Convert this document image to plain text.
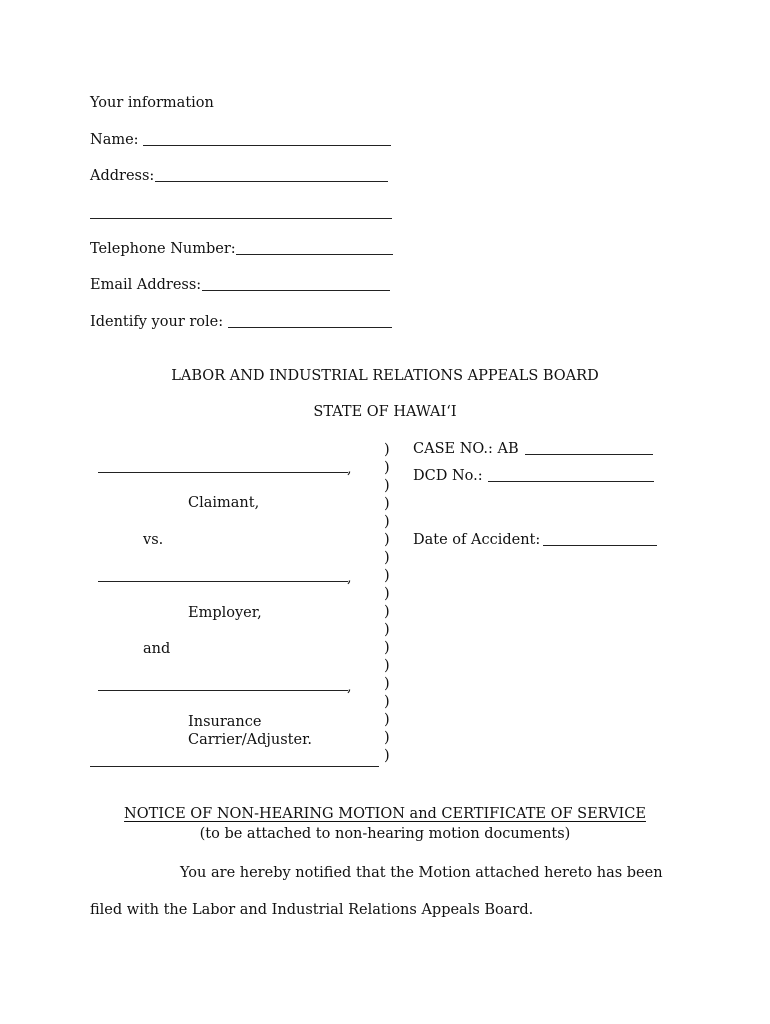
Your information
Name:
Address:
Telephone Number:
Email Address:
Identify your role:
LABOR AND INDUSTRIAL RELATIONS APPEALS BOARD
STATE OF HAWAI‘I
,
Claimant,
vs.
,
Employer,
and
,
Insurance
Carrier/Adjuster.
)
)
)
)
)
)
)
)
)
)
)
)
)
)
)
)
)
)
CASE NO.: AB
DCD No.:
Date of Accident:
NOTICE OF NON-HEARING MOTION and CERTIFICATE OF SERVICE
(to be attached to non-hearing motion documents)
You are hereby notified that the Motion attached hereto has been
filed with the Labor and Industrial Relations Appeals Board.
